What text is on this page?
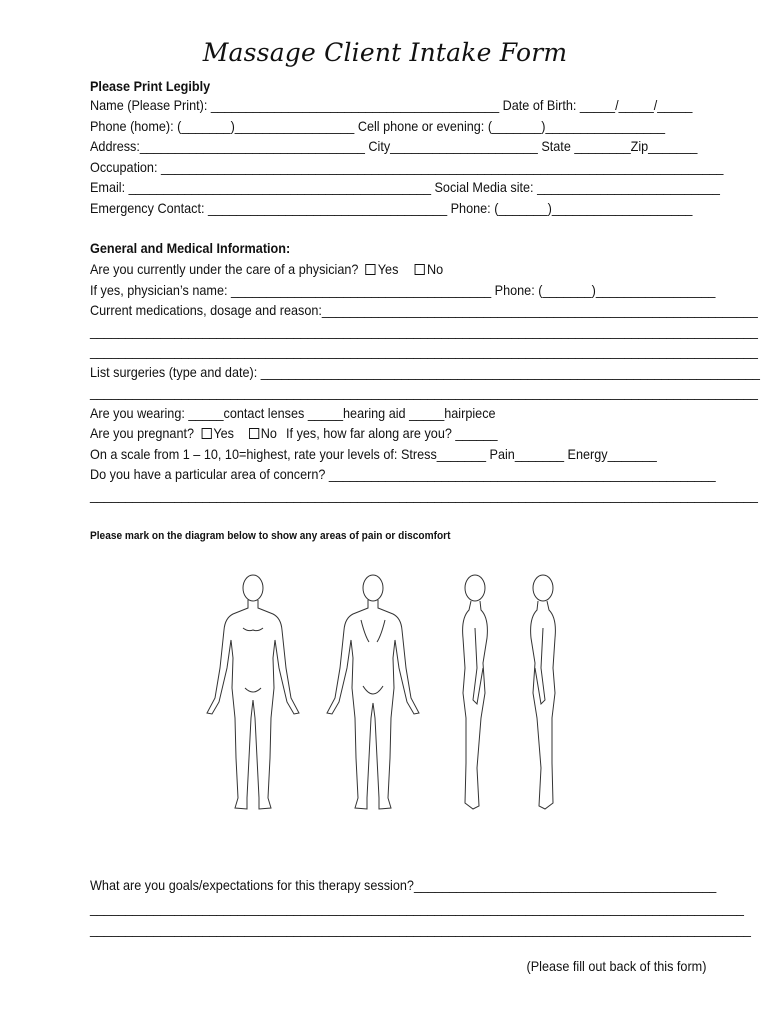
Massage Client Intake Form
Please Print Legibly
Name (Please Print): _________________________________________ Date of Birth: _____/_____/_____
Phone (home): (_______)_________________ Cell phone or evening: (_______)_________________
Address:________________________________ City_____________________ State ________Zip_______
Occupation: ________________________________________________________________________________
Email: ___________________________________________ Social Media site: __________________________
Emergency Contact: __________________________________ Phone: (_______)____________________
General and Medical Information:
Are you currently under the care of a physician? Yes No
If yes, physician’s name: _____________________________________ Phone: (_______)_________________
Current medications, dosage and reason:______________________________________________________________
_______________________________________________________________________________________________
_______________________________________________________________________________________________
List surgeries (type and date): _______________________________________________________________________
_______________________________________________________________________________________________
Are you wearing: _____contact lenses _____hearing aid _____hairpiece
Are you pregnant? Yes No If yes, how far along are you? ______
On a scale from 1 – 10, 10=highest, rate your levels of: Stress_______ Pain_______ Energy_______
Do you have a particular area of concern? _______________________________________________________
_______________________________________________________________________________________________
Please mark on the diagram below to show any areas of pain or discomfort
What are you goals/expectations for this therapy session?___________________________________________
_____________________________________________________________________________________________
______________________________________________________________________________________________
(Please fill out back of this form)
